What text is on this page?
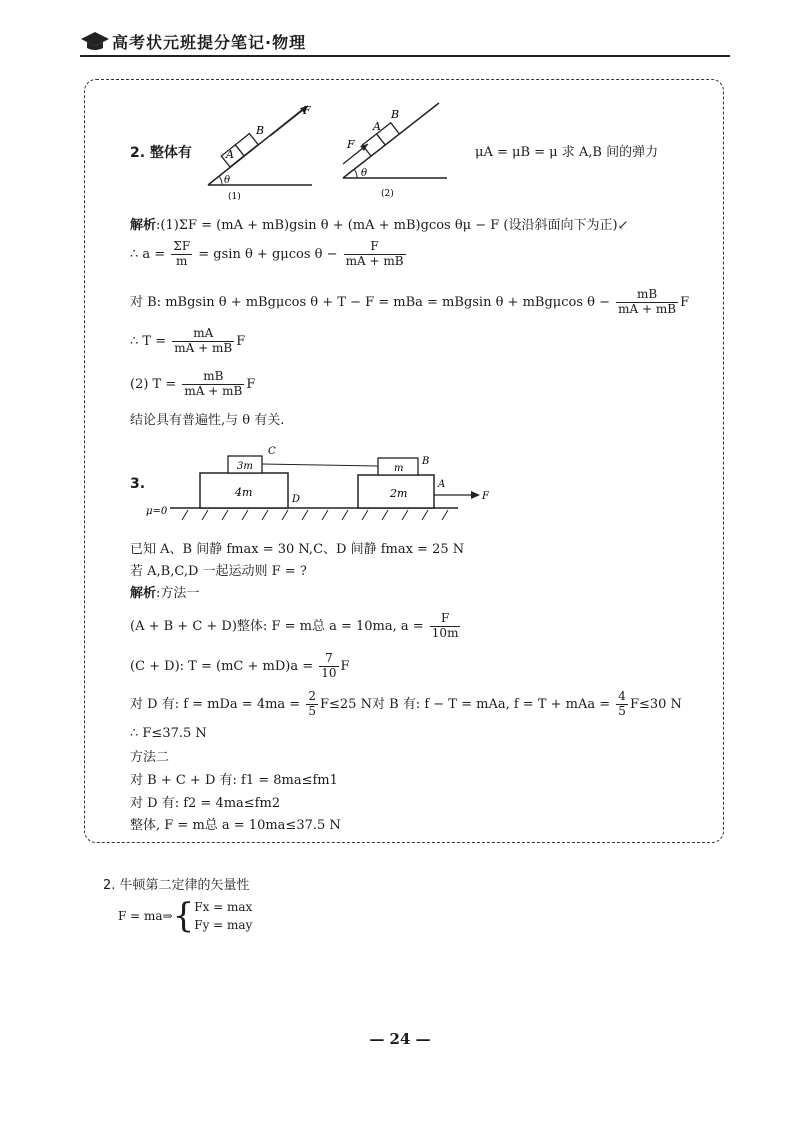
高考状元班提分笔记·物理
2. 整体有	A
B
F
θ
(1)
F
A
B
θ
(2)
μA = μB = μ 求 A,B 间的弹力
解析:(1)ΣF = (mA + mB)gsin θ + (mA + mB)gcos θμ − F (设沿斜面向下为正)↙
∴ $a = \frac{\Sigma F}{m} = gsin$ θ + gμcos $\theta - \frac{F}{mA + mB}$
对 B: mBgsin θ + mBgμcos θ + T − F = mBa = mBgsin θ + mBgμcos $\theta - \frac{mB}{mA + mB}$ F
∴ $T = \frac{mA}{mA + mB}$ F
(2) $T = \frac{mB}{mA + mB}$ F
结论具有普遍性,与 θ 有关.
3.
μ=0
3m
4m
m
2m
C
B
A
D	F
已知 A、B 间静 fmax = 30 N,C、D 间静 fmax = 25 N
若 A,B,C,D 一起运动则 F = ?
解析:方法一
(A + B + C + D)整体: F = m总 a = 10ma, $a = \frac{F}{10m}$
(C + D): $T = (mC + mD)a = \frac{7}{10}$ F
对 D 有: f = mDa = $4ma = \frac{2}{5} F\le 25$ N 对 B 有: f − T = mAa, f = T + mAa = $\frac{4}{5} F\le 30$ N
∴ F≤37.5 N
方法二
对 B + C + D 有: f1 = 8ma≤fm1
对 D 有: f2 = 4ma≤fm2
整体, F = m总 a = 10ma≤37.5 N
2. 牛顿第二定律的矢量性
F = ma⇒ { Fx = max
Fy = may
— 24 —
